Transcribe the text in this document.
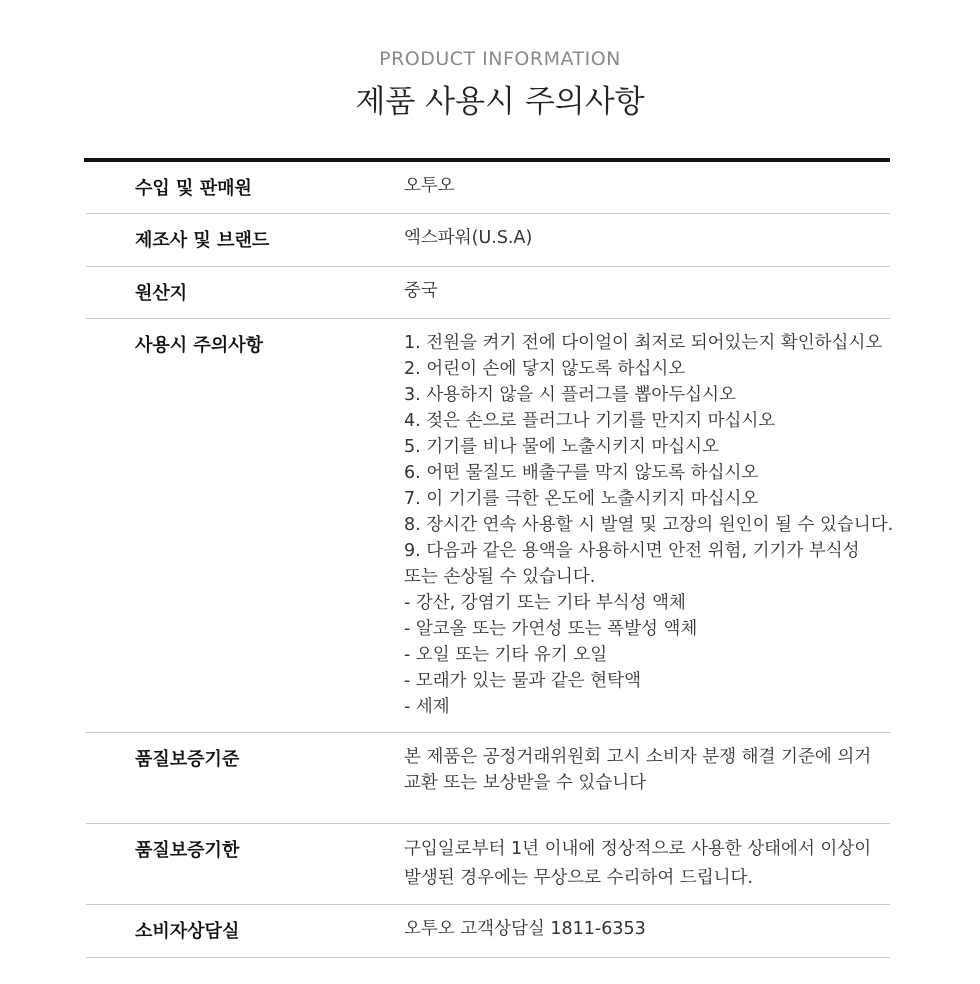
PRODUCT INFORMATION
제품 사용시 주의사항
수입 및 판매원	오투오
제조사 및 브랜드	엑스파워(U.S.A)
원산지	중국
사용시 주의사항	1. 전원을 켜기 전에 다이얼이 최저로 되어있는지 확인하십시오
2. 어린이 손에 닿지 않도록 하십시오
3. 사용하지 않을 시 플러그를 뽑아두십시오
4. 젖은 손으로 플러그나 기기를 만지지 마십시오
5. 기기를 비나 물에 노출시키지 마십시오
6. 어떤 물질도 배출구를 막지 않도록 하십시오
7. 이 기기를 극한 온도에 노출시키지 마십시오
8. 장시간 연속 사용할 시 발열 및 고장의 원인이 될 수 있습니다.
9. 다음과 같은 용액을 사용하시면 안전 위험, 기기가 부식성
또는 손상될 수 있습니다.
- 강산, 강염기 또는 기타 부식성 액체
- 알코올 또는 가연성 또는 폭발성 액체
- 오일 또는 기타 유기 오일
- 모래가 있는 물과 같은 현탁액
- 세제
품질보증기준	본 제품은 공정거래위원회 고시 소비자 분쟁 해결 기준에 의거
교환 또는 보상받을 수 있습니다
품질보증기한	구입일로부터 1년 이내에 정상적으로 사용한 상태에서 이상이
발생된 경우에는 무상으로 수리하여 드립니다.
소비자상담실	오투오 고객상담실 1811-6353
